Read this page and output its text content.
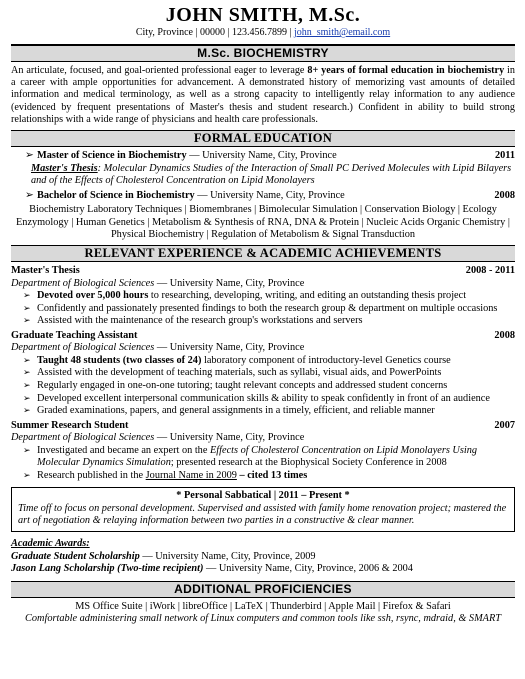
JOHN SMITH, M.Sc.
City, Province | 00000 | 123.456.7899 | john_smith@email.com
M.Sc. BIOCHEMISTRY

An articulate, focused, and goal-oriented professional eager to leverage 8+ years of formal education in biochemistry in a career with ample opportunities for advancement. A demonstrated history of memorizing vast amounts of detailed information and medical terminology, as well as a strong capacity to intelligently relay information to any audience (evidenced by frequent presentations of Master's thesis and student research.) Confident in ability to build strong relationships with a wide range of physicians and health care professionals.

FORMAL EDUCATION
➢ Master of Science in Biochemistry — University Name, City, Province	2011
Master's Thesis: Molecular Dynamics Studies of the Interaction of Small PC Derived Molecules with Lipid Bilayers and of the Effects of Cholesterol Concentration on Lipid Monolayers
➢ Bachelor of Science in Biochemistry — University Name, City, Province	2008
Biochemistry Laboratory Techniques | Biomembranes | Bimolecular Simulation | Conservation Biology | Ecology Enzymology | Human Genetics | Metabolism & Synthesis of RNA, DNA & Protein | Nucleic Acids Organic Chemistry | Physical Biochemistry | Regulation of Metabolism & Signal Transduction
RELEVANT EXPERIENCE & ACADEMIC ACHIEVEMENTS
Master's Thesis	2008 - 2011
Department of Biological Sciences — University Name, City, Province
➢ Devoted over 5,000 hours to researching, developing, writing, and editing an outstanding thesis project
➢ Confidently and passionately presented findings to both the research group & department on multiple occasions
➢ Assisted with the maintenance of the research group's workstations and servers
Graduate Teaching Assistant	2008
Department of Biological Sciences — University Name, City, Province
➢ Taught 48 students (two classes of 24) laboratory component of introductory-level Genetics course
➢ Assisted with the development of teaching materials, such as syllabi, visual aids, and PowerPoints
➢ Regularly engaged in one-on-one tutoring; taught relevant concepts and addressed student concerns
➢ Developed excellent interpersonal communication skills & ability to speak confidently in front of an audience
➢ Graded examinations, papers, and general assignments in a timely, efficient, and reliable manner
Summer Research Student	2007
Department of Biological Sciences — University Name, City, Province
➢ Investigated and became an expert on the Effects of Cholesterol Concentration on Lipid Monolayers Using Molecular Dynamics Simulation; presented research at the Biophysical Society Conference in 2008
➢ Research published in the Journal Name in 2009 – cited 13 times
* Personal Sabbatical | 2011 – Present *
Time off to focus on personal development. Supervised and assisted with family home renovation project; mastered the art of negotiation & relaying information between two parties in a constructive & clear manner.
Academic Awards:
Graduate Student Scholarship — University Name, City, Province, 2009
Jason Lang Scholarship (Two-time recipient) — University Name, City, Province, 2006 & 2004
ADDITIONAL PROFICIENCIES
MS Office Suite | iWork | libreOffice | LaTeX | Thunderbird | Apple Mail | Firefox & Safari
Comfortable administering small network of Linux computers and common tools like ssh, rsync, mdraid, & SMART
